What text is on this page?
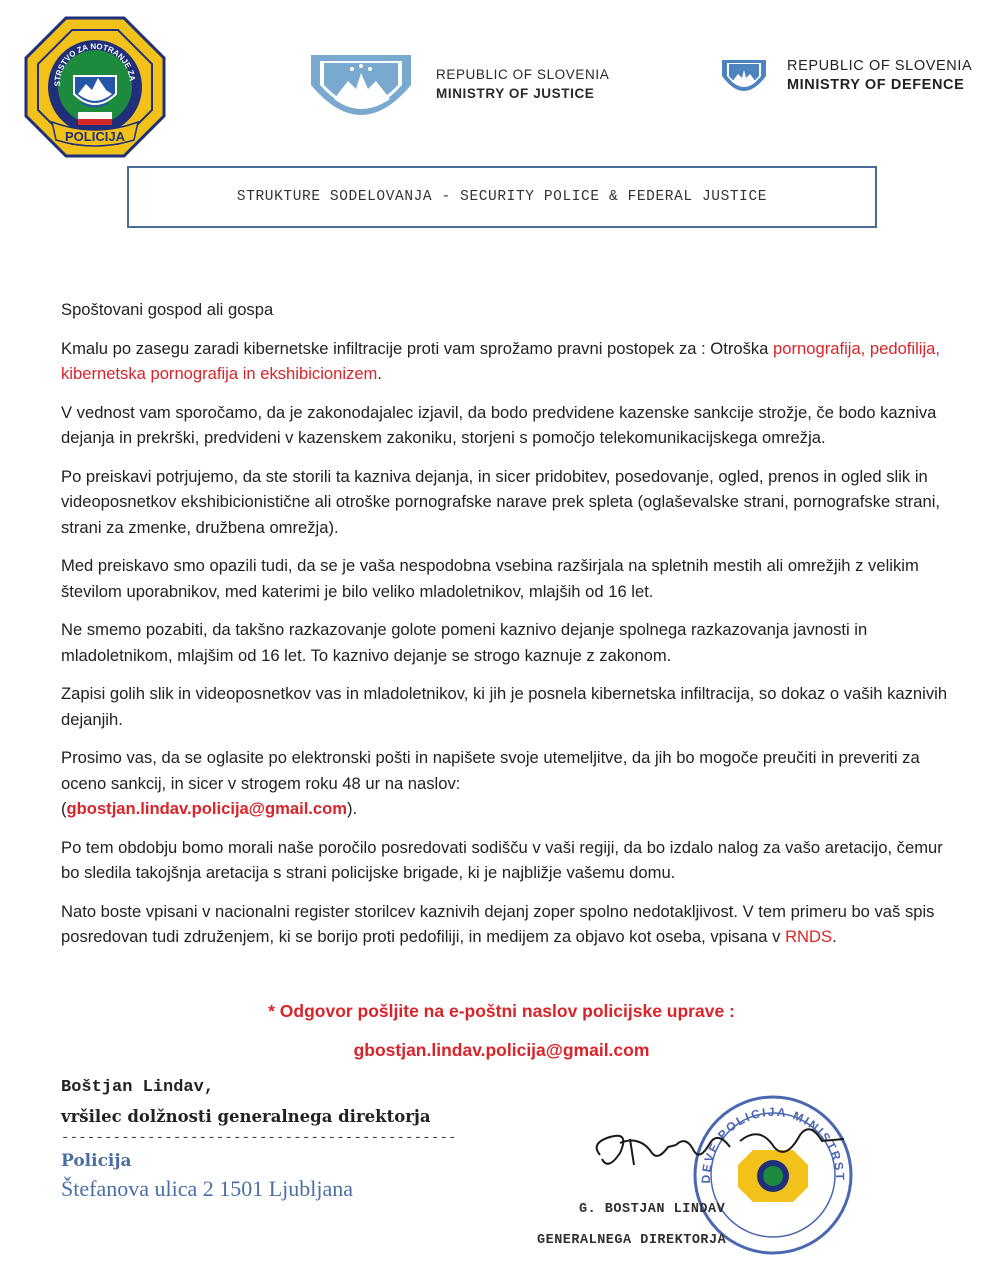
POLICIJA
STRSTVO ZA NOTRANJE ZA	REPUBLIC OF SLOVENIA
MINISTRY OF JUSTICE
REPUBLIC OF SLOVENIA
MINISTRY OF DEFENCE
STRUKTURE SODELOVANJA - SECURITY POLICE & FEDERAL JUSTICE

Spoštovani gospod ali gospa

Kmalu po zasegu zaradi kibernetske infiltracije proti vam sprožamo pravni postopek za : Otroška pornografija, pedofilija, kibernetska pornografija in ekshibicionizem.

V vednost vam sporočamo, da je zakonodajalec izjavil, da bodo predvidene kazenske sankcije strožje, če bodo kazniva dejanja in prekrški, predvideni v kazenskem zakoniku, storjeni s pomočjo telekomunikacijskega omrežja.

Po preiskavi potrjujemo, da ste storili ta kazniva dejanja, in sicer pridobitev, posedovanje, ogled, prenos in ogled slik in videoposnetkov ekshibicionistične ali otroške pornografske narave prek spleta (oglaševalske strani, pornografske strani, strani za zmenke, družbena omrežja).

Med preiskavo smo opazili tudi, da se je vaša nespodobna vsebina razširjala na spletnih mestih ali omrežjih z velikim številom uporabnikov, med katerimi je bilo veliko mladoletnikov, mlajših od 16 let.

Ne smemo pozabiti, da takšno razkazovanje golote pomeni kaznivo dejanje spolnega razkazovanja javnosti in mladoletnikom, mlajšim od 16 let. To kaznivo dejanje se strogo kaznuje z zakonom.

Zapisi golih slik in videoposnetkov vas in mladoletnikov, ki jih je posnela kibernetska infiltracija, so dokaz o vaših kaznivih dejanjih.

Prosimo vas, da se oglasite po elektronski pošti in napišete svoje utemeljitve, da jih bo mogoče preučiti in preveriti za oceno sankcij, in sicer v strogem roku 48 ur na naslov:
(gbostjan.lindav.policija@gmail.com).

Po tem obdobju bomo morali naše poročilo posredovati sodišču v vaši regiji, da bo izdalo nalog za vašo aretacijo, čemur bo sledila takojšnja aretacija s strani policijske brigade, ki je najbližje vašemu domu.

Nato boste vpisani v nacionalni register storilcev kaznivih dejanj zoper spolno nedotakljivost. V tem primeru bo vaš spis posredovan tudi združenjem, ki se borijo proti pedofiliji, in medijem za objavo kot oseba, vpisana v RNDS.

* Odgovor pošljite na e-poštni naslov policijske uprave :
gbostjan.lindav.policija@gmail.com
Boštjan Lindav,
vršilec dolžnosti generalnega direktorja
----------------------------------------------
Policija
Štefanova ulica 2 1501 Ljubljana	DEVE POLICIJA MINISTRST
G. BOSTJAN LINDAV
GENERALNEGA DIREKTORJA
